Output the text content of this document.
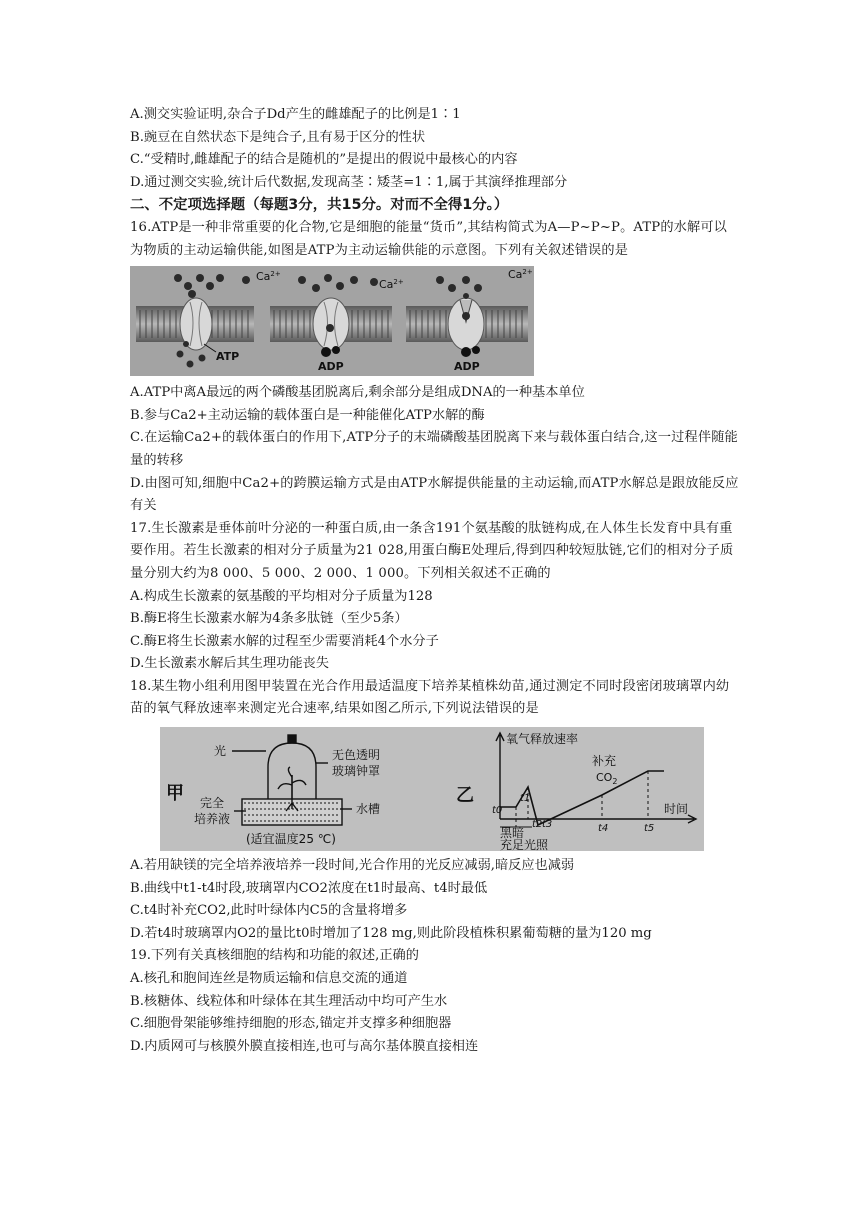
A.测交实验证明,杂合子Dd产生的雌雄配子的比例是1∶1
B.豌豆在自然状态下是纯合子,且有易于区分的性状
C.“受精时,雌雄配子的结合是随机的”是提出的假说中最核心的内容
D.通过测交实验,统计后代数据,发现高茎∶矮茎=1∶1,属于其演绎推理部分
二、不定项选择题（每题3分，共15分。对而不全得1分。）
16.ATP是一种非常重要的化合物,它是细胞的能量“货币”,其结构简式为A—P~P~P。ATP的水解可以为物质的主动运输供能,如图是ATP为主动运输供能的示意图。下列有关叙述错误的是
$Ca^{2+}$
$Ca^{2+}$
$Ca^{2+}$
ATP
ADP	ADP
A.ATP中离A最远的两个磷酸基团脱离后,剩余部分是组成DNA的一种基本单位
B.参与Ca2+主动运输的载体蛋白是一种能催化ATP水解的酶
C.在运输Ca2+的载体蛋白的作用下,ATP分子的末端磷酸基团脱离下来与载体蛋白结合,这一过程伴随能量的转移
D.由图可知,细胞中Ca2+的跨膜运输方式是由ATP水解提供能量的主动运输,而ATP水解总是跟放能反应有关
17.生长激素是垂体前叶分泌的一种蛋白质,由一条含191个氨基酸的肽链构成,在人体生长发育中具有重要作用。若生长激素的相对分子质量为21 028,用蛋白酶E处理后,得到四种较短肽链,它们的相对分子质量分别大约为8 000、5 000、2 000、1 000。下列相关叙述不正确的
A.构成生长激素的氨基酸的平均相对分子质量为128
B.酶E将生长激素水解为4条多肽链（至少5条）
C.酶E将生长激素水解的过程至少需要消耗4个水分子
D.生长激素水解后其生理功能丧失
18.某生物小组利用图甲装置在光合作用最适温度下培养某植株幼苗,通过测定不同时段密闭玻璃罩内幼苗的氧气释放速率来测定光合速率,结果如图乙所示,下列说法错误的是
甲
光	无色透明
玻璃钟罩
完全
培养液
水槽
(适宜温度25 ℃)
乙
氧气释放速率
时间
补充
$CO_2$
t0
t1
t2 t3	t4	t5
黑暗
充足光照
A.若用缺镁的完全培养液培养一段时间,光合作用的光反应减弱,暗反应也减弱
B.曲线中t1-t4时段,玻璃罩内CO2浓度在t1时最高、t4时最低
C.t4时补充CO2,此时叶绿体内C5的含量将增多
D.若t4时玻璃罩内O2的量比t0时增加了128 mg,则此阶段植株积累葡萄糖的量为120 mg
19.下列有关真核细胞的结构和功能的叙述,正确的
A.核孔和胞间连丝是物质运输和信息交流的通道
B.核糖体、线粒体和叶绿体在其生理活动中均可产生水
C.细胞骨架能够维持细胞的形态,锚定并支撑多种细胞器
D.内质网可与核膜外膜直接相连,也可与高尔基体膜直接相连
